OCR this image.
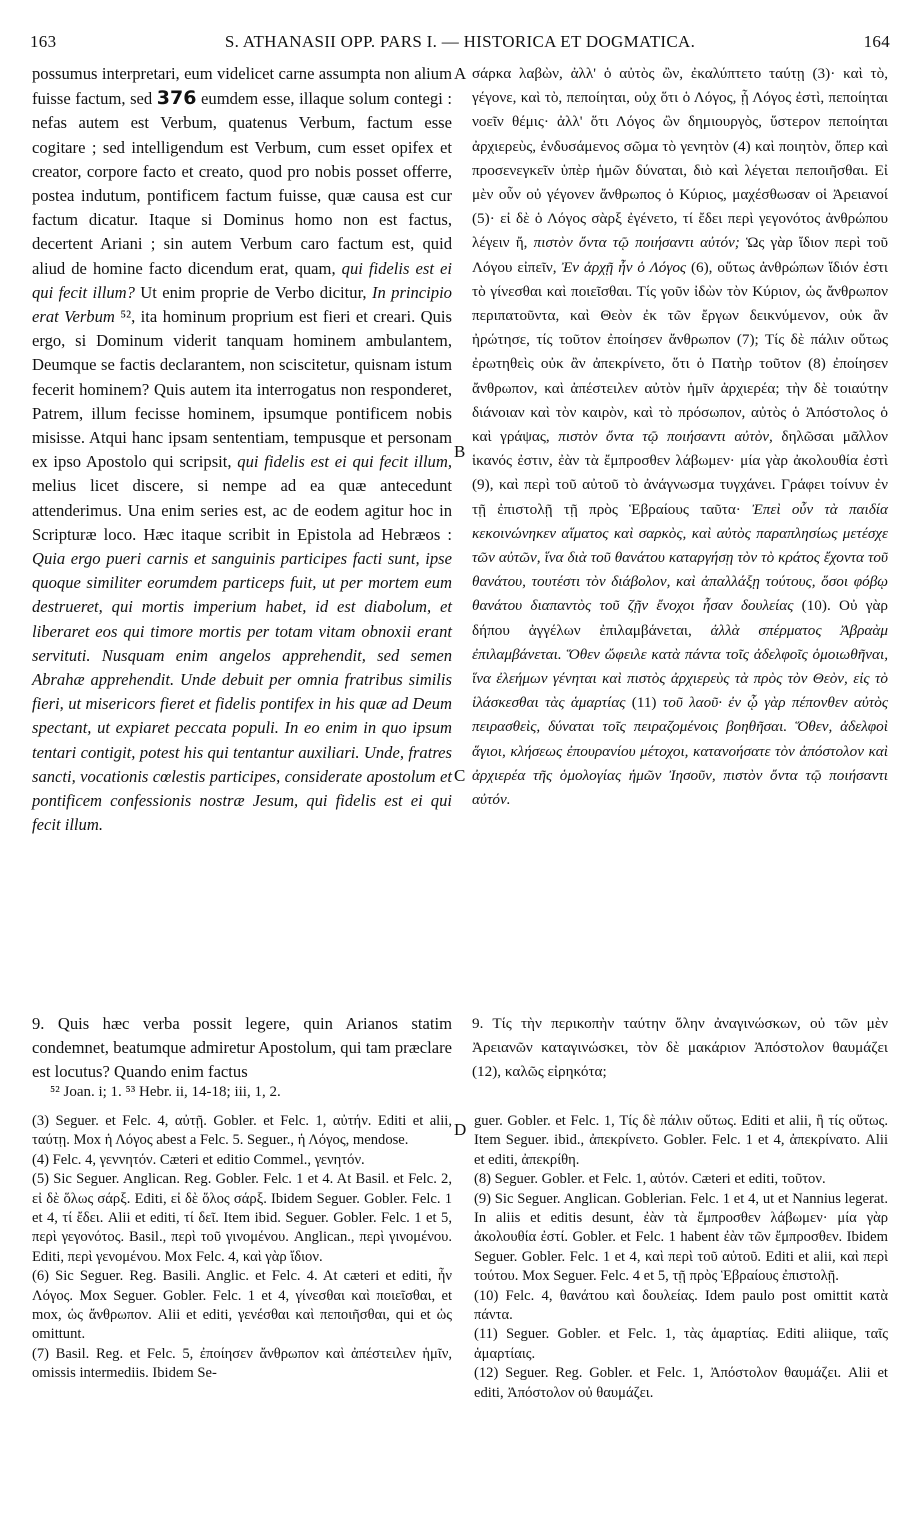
163	S. ATHANASII OPP. PARS I. — HISTORICA ET DOGMATICA.	164

possumus interpretari, eum videlicet carne assumpta non alium fuisse factum, sed 376 eumdem esse, illaque solum contegi : nefas autem est Verbum, quatenus Verbum, factum esse cogitare ; sed intelligendum est Verbum, cum esset opifex et creator, corpore facto et creato, quod pro nobis posset offerre, postea indutum, pontificem factum fuisse, quæ causa est cur factum dicatur. Itaque si Dominus homo non est factus, decertent Ariani ; sin autem Verbum caro factum est, quid aliud de homine facto dicendum erat, quam, qui fidelis est ei qui fecit illum? Ut enim proprie de Verbo dicitur, In principio erat Verbum ⁵², ita hominum proprium est fieri et creari. Quis ergo, si Dominum viderit tanquam hominem ambulantem, Deumque se factis declarantem, non sciscitetur, quisnam istum fecerit hominem? Quis autem ita interrogatus non responderet, Patrem, illum fecisse hominem, ipsumque pontificem nobis misisse. Atqui hanc ipsam sententiam, tempusque et personam ex ipso Apostolo qui scripsit, qui fidelis est ei qui fecit illum, melius licet discere, si nempe ad ea quæ antecedunt attenderimus. Una enim series est, ac de eodem agitur hoc in Scripturæ loco. Hæc itaque scribit in Epistola ad Hebræos : Quia ergo pueri carnis et sanguinis participes facti sunt, ipse quoque similiter eorumdem particeps fuit, ut per mortem eum destrueret, qui mortis imperium habet, id est diabolum, et liberaret eos qui timore mortis per totam vitam obnoxii erant servituti. Nusquam enim angelos apprehendit, sed semen Abrahæ apprehendit. Unde debuit per omnia fratribus similis fieri, ut misericors fieret et fidelis pontifex in his quæ ad Deum spectant, ut expiaret peccata populi. In eo enim in quo ipsum tentari contigit, potest his qui tentantur auxiliari. Unde, fratres sancti, vocationis cœlestis participes, considerate apostolum et pontificem confessionis nostræ Jesum, qui fidelis est ei qui fecit illum.

σάρκα λαβὼν, ἀλλ' ὁ αὐτὸς ὢν, ἐκαλύπτετο ταύτῃ (3)· καὶ τὸ, γέγονε, καὶ τὸ, πεποίηται, οὐχ ὅτι ὁ Λόγος, ᾗ Λόγος ἐστὶ, πεποίηται νοεῖν θέμις· ἀλλ' ὅτι Λόγος ὢν δημιουργὸς, ὕστερον πεποίηται ἀρχιερεὺς, ἐνδυσάμενος σῶμα τὸ γενητὸν (4) καὶ ποιητὸν, ὅπερ καὶ προσενεγκεῖν ὑπὲρ ἡμῶν δύναται, διὸ καὶ λέγεται πεποιῆσθαι. Εἰ μὲν οὖν οὐ γέγονεν ἄνθρωπος ὁ Κύριος, μαχέσθωσαν οἱ Ἀρειανοί (5)· εἰ δὲ ὁ Λόγος σὰρξ ἐγένετο, τί ἔδει περὶ γεγονότος ἀνθρώπου λέγειν ἤ, πιστὸν ὄντα τῷ ποιήσαντι αὐτόν; Ὡς γὰρ ἴδιον περὶ τοῦ Λόγου εἰπεῖν, Ἐν ἀρχῇ ἦν ὁ Λόγος (6), οὕτως ἀνθρώπων ἴδιόν ἐστι τὸ γίνεσθαι καὶ ποιεῖσθαι. Τίς γοῦν ἰδὼν τὸν Κύριον, ὡς ἄνθρωπον περιπατοῦντα, καὶ Θεὸν ἐκ τῶν ἔργων δεικνύμενον, οὐκ ἂν ἠρώτησε, τίς τοῦτον ἐποίησεν ἄνθρωπον (7); Τίς δὲ πάλιν οὕτως ἐρωτηθεὶς οὐκ ἂν ἀπεκρίνετο, ὅτι ὁ Πατὴρ τοῦτον (8) ἐποίησεν ἄνθρωπον, καὶ ἀπέστειλεν αὐτὸν ἡμῖν ἀρχιερέα; τὴν δὲ τοιαύτην διάνοιαν καὶ τὸν καιρὸν, καὶ τὸ πρόσωπον, αὐτὸς ὁ Ἀπόστολος ὁ καὶ γράψας, πιστὸν ὄντα τῷ ποιήσαντι αὐτὸν, δηλῶσαι μᾶλλον ἱκανός ἐστιν, ἐὰν τὰ ἔμπροσθεν λάβωμεν· μία γὰρ ἀκολουθία ἐστὶ (9), καὶ περὶ τοῦ αὐτοῦ τὸ ἀνάγνωσμα τυγχάνει. Γράφει τοίνυν ἐν τῇ ἐπιστολῇ τῇ πρὸς Ἑβραίους ταῦτα· Ἐπεὶ οὖν τὰ παιδία κεκοινώνηκεν αἵματος καὶ σαρκὸς, καὶ αὐτὸς παραπλησίως μετέσχε τῶν αὐτῶν, ἵνα διὰ τοῦ θανάτου καταργήσῃ τὸν τὸ κράτος ἔχοντα τοῦ θανάτου, τουτέστι τὸν διάβολον, καὶ ἀπαλλάξῃ τούτους, ὅσοι φόβῳ θανάτου διαπαντὸς τοῦ ζῇν ἔνοχοι ἦσαν δουλείας (10). Οὐ γὰρ δήπου ἀγγέλων ἐπιλαμβάνεται, ἀλλὰ σπέρματος Ἀβραὰμ ἐπιλαμβάνεται. Ὅθεν ὤφειλε κατὰ πάντα τοῖς ἀδελφοῖς ὁμοιωθῆναι, ἵνα ἐλεήμων γένηται καὶ πιστὸς ἀρχιερεὺς τὰ πρὸς τὸν Θεὸν, εἰς τὸ ἱλάσκεσθαι τὰς ἁμαρτίας (11) τοῦ λαοῦ· ἐν ᾧ γὰρ πέπονθεν αὐτὸς πειρασθεὶς, δύναται τοῖς πειραζομένοις βοηθῆσαι. Ὅθεν, ἀδελφοὶ ἅγιοι, κλήσεως ἐπουρανίου μέτοχοι, κατανοήσατε τὸν ἀπόστολον καὶ ἀρχιερέα τῆς ὁμολογίας ἡμῶν Ἰησοῦν, πιστὸν ὄντα τῷ ποιήσαντι αὐτόν.

A
B
C
D
9. Quis hæc verba possit legere, quin Arianos statim condemnet, beatumque admiretur Apostolum, qui tam præclare est locutus? Quando enim factus
9. Τίς τὴν περικοπὴν ταύτην ὅλην ἀναγινώσκων, οὐ τῶν μὲν Ἀρειανῶν καταγινώσκει, τὸν δὲ μακάριον Ἀπόστολον θαυμάζει (12), καλῶς εἰρηκότα;
⁵² Joan. i; 1. ⁵³ Hebr. ii, 14-18; iii, 1, 2.

(3) Seguer. et Felc. 4, αὐτῇ. Gobler. et Felc. 1, αὐτήν. Editi et alii, ταύτῃ. Mox ἡ Λόγος abest a Felc. 5. Seguer., ἡ Λόγος, mendose.

(4) Felc. 4, γεννητόν. Cæteri et editio Commel., γενητόν.

(5) Sic Seguer. Anglican. Reg. Gobler. Felc. 1 et 4. At Basil. et Felc. 2, εἰ δὲ ὅλως σάρξ. Editi, εἰ δὲ ὅλος σάρξ. Ibidem Seguer. Gobler. Felc. 1 et 4, τί ἔδει. Alii et editi, τί δεῖ. Item ibid. Seguer. Gobler. Felc. 1 et 5, περὶ γεγονότος. Basil., περὶ τοῦ γινομένου. Anglican., περὶ γινομένου. Editi, περὶ γενομένου. Mox Felc. 4, καὶ γὰρ ἴδιον.

(6) Sic Seguer. Reg. Basili. Anglic. et Felc. 4. At cæteri et editi, ἦν Λόγος. Mox Seguer. Gobler. Felc. 1 et 4, γίνεσθαι καὶ ποιεῖσθαι, et mox, ὡς ἄνθρωπον. Alii et editi, γενέσθαι καὶ πεποιῆσθαι, qui et ὡς omittunt.

(7) Basil. Reg. et Felc. 5, ἐποίησεν ἄνθρωπον καὶ ἀπέστειλεν ἡμῖν, omissis intermediis. Ibidem Se-

guer. Gobler. et Felc. 1, Τίς δὲ πάλιν οὕτως. Editi et alii, ἢ τίς οὕτως. Item Seguer. ibid., ἀπεκρίνετο. Gobler. Felc. 1 et 4, ἀπεκρίνατο. Alii et editi, ἀπεκρίθη.

(8) Seguer. Gobler. et Felc. 1, αὐτόν. Cæteri et editi, τοῦτον.

(9) Sic Seguer. Anglican. Goblerian. Felc. 1 et 4, ut et Nannius legerat. In aliis et editis desunt, ἐὰν τὰ ἔμπροσθεν λάβωμεν· μία γὰρ ἀκολουθία ἐστί. Gobler. et Felc. 1 habent ἐὰν τῶν ἔμπροσθεν. Ibidem Seguer. Gobler. Felc. 1 et 4, καὶ περὶ τοῦ αὐτοῦ. Editi et alii, καὶ περὶ τούτου. Mox Seguer. Felc. 4 et 5, τῇ πρὸς Ἑβραίους ἐπιστολῇ.

(10) Felc. 4, θανάτου καὶ δουλείας. Idem paulo post omittit κατὰ πάντα.

(11) Seguer. Gobler. et Felc. 1, τὰς ἁμαρτίας. Editi aliique, ταῖς ἁμαρτίαις.

(12) Seguer. Reg. Gobler. et Felc. 1, Ἀπόστολον θαυμάζει. Alii et editi, Ἀπόστολον οὐ θαυμάζει.
